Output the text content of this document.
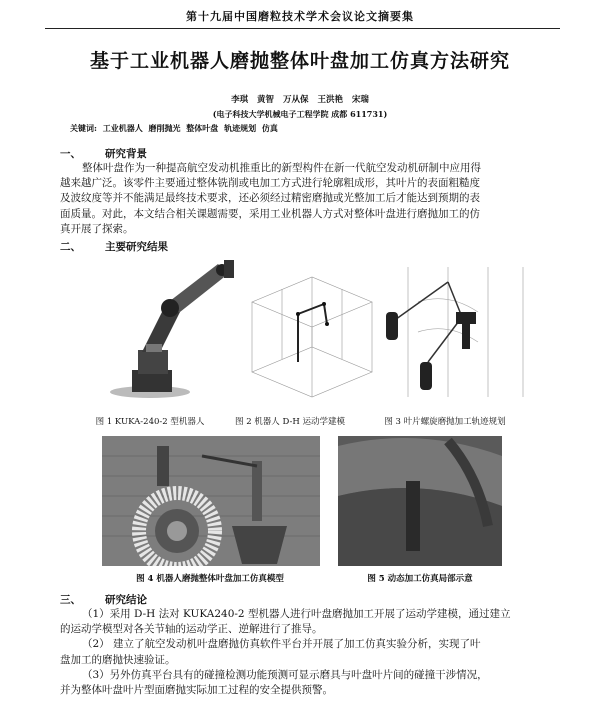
第十九届中国磨粒技术学术会议论文摘要集
基于工业机器人磨抛整体叶盘加工仿真方法研究
李琪 黄智 万从保 王洪艳 宋瑞
(电子科技大学机械电子工程学院 成都 611731)
关键词: 工业机器人 磨削抛光 整体叶盘 轨迹规划 仿真
一、 研究背景
整体叶盘作为一种提高航空发动机推重比的新型构件在新一代航空发动机研制中应用得
越来越广泛。该零件主要通过整体铣削或电加工方式进行轮廓粗成形，其叶片的表面粗糙度
及波纹度等并不能满足最终技术要求，还必须经过精密磨抛或光整加工后才能达到预期的表
面质量。对此，本文结合相关课题需要，采用工业机器人方式对整体叶盘进行磨抛加工的仿
真开展了探索。
二、 主要研究结果
图 1 KUKA-240-2 型机器人	图 2 机器人 D-H 运动学建模	图 3 叶片螺旋磨抛加工轨迹规划
图 4 机器人磨抛整体叶盘加工仿真模型	图 5 动态加工仿真局部示意
三、 研究结论
（1）采用 D-H 法对 KUKA240-2 型机器人进行叶盘磨抛加工开展了运动学建模，通过建立
的运动学模型对各关节轴的运动学正、逆解进行了推导。
（2） 建立了航空发动机叶盘磨抛仿真软件平台并开展了加工仿真实验分析，实现了叶
盘加工的磨抛快速验证。
（3）另外仿真平台具有的碰撞检测功能预测可显示磨具与叶盘叶片间的碰撞干涉情况，
并为整体叶盘叶片型面磨抛实际加工过程的安全提供预警。
